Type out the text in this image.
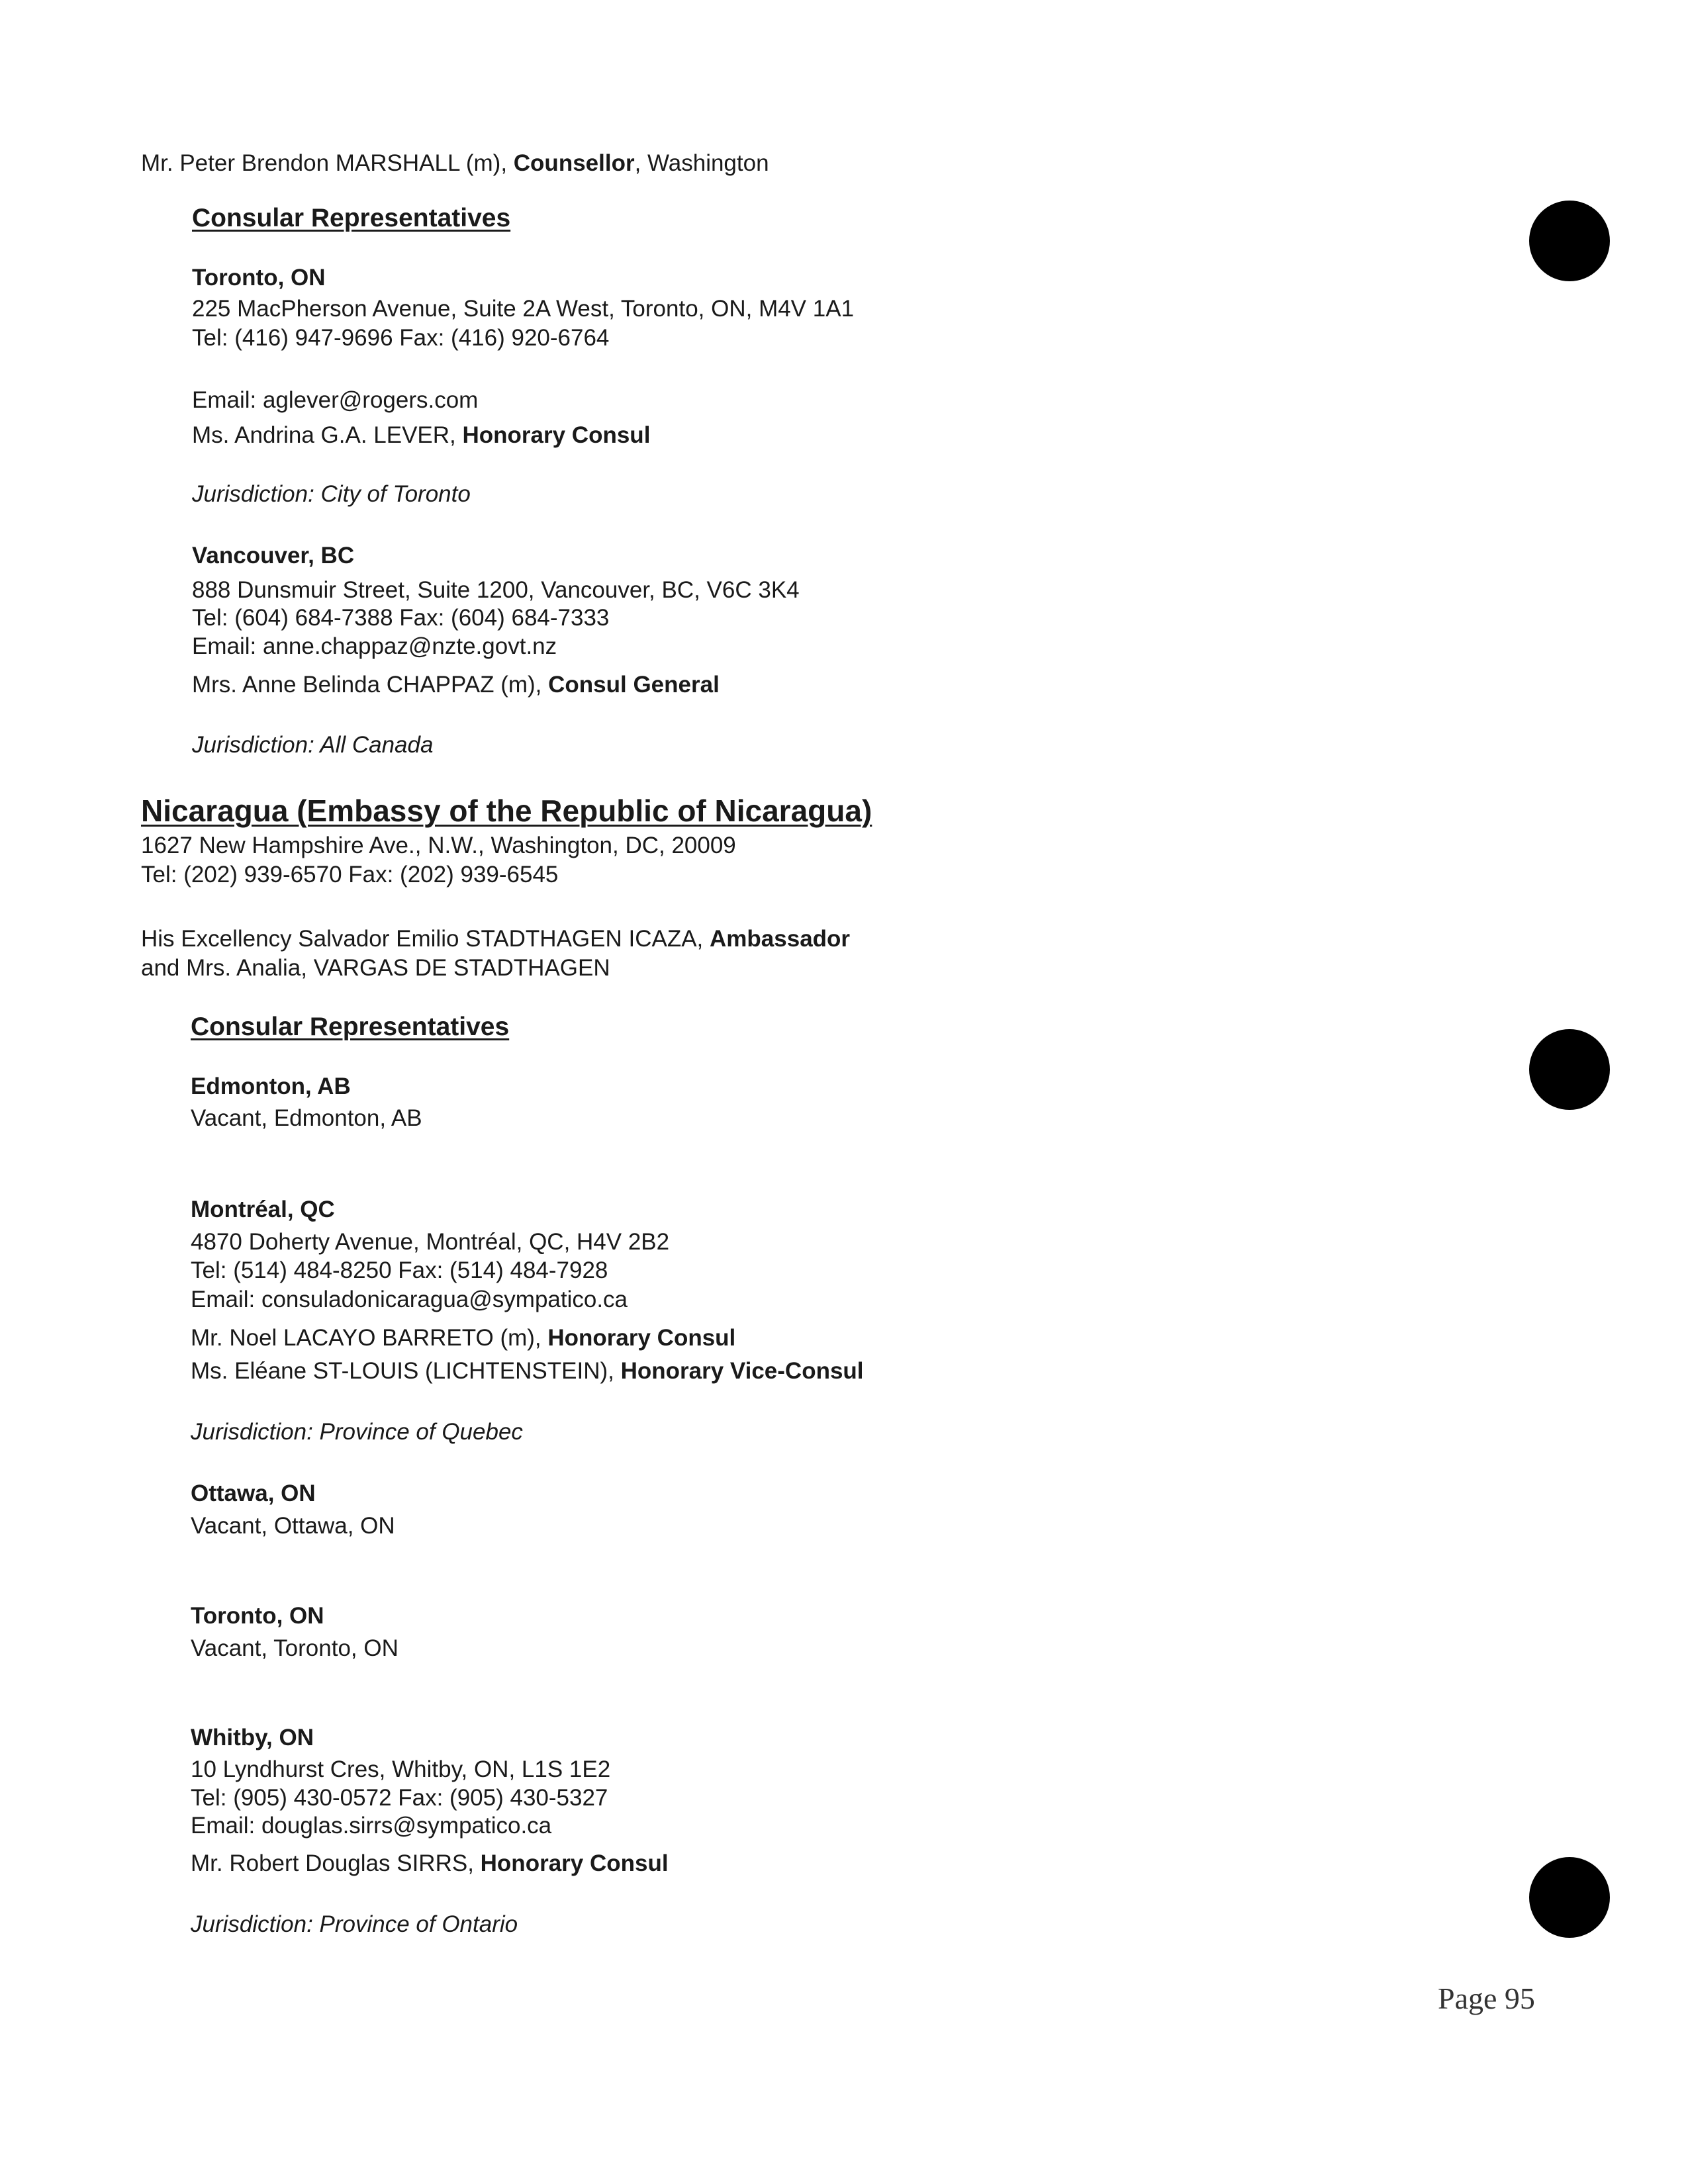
Mr. Peter Brendon MARSHALL (m), Counsellor, Washington

Consular Representatives

Toronto, ON

225 MacPherson Avenue, Suite 2A West, Toronto, ON, M4V 1A1

Tel: (416) 947-9696 Fax: (416) 920-6764

Email: aglever@rogers.com

Ms. Andrina G.A. LEVER, Honorary Consul

Jurisdiction: City of Toronto

Vancouver, BC

888 Dunsmuir Street, Suite 1200, Vancouver, BC, V6C 3K4

Tel: (604) 684-7388 Fax: (604) 684-7333

Email: anne.chappaz@nzte.govt.nz

Mrs. Anne Belinda CHAPPAZ (m), Consul General

Jurisdiction: All Canada

Nicaragua (Embassy of the Republic of Nicaragua)

1627 New Hampshire Ave., N.W., Washington, DC, 20009

Tel: (202) 939-6570 Fax: (202) 939-6545

His Excellency Salvador Emilio STADTHAGEN ICAZA, Ambassador

and Mrs. Analia, VARGAS DE STADTHAGEN

Consular Representatives

Edmonton, AB

Vacant, Edmonton, AB

Montréal, QC

4870 Doherty Avenue, Montréal, QC, H4V 2B2

Tel: (514) 484-8250 Fax: (514) 484-7928

Email: consuladonicaragua@sympatico.ca

Mr. Noel LACAYO BARRETO (m), Honorary Consul

Ms. Eléane ST-LOUIS (LICHTENSTEIN), Honorary Vice-Consul

Jurisdiction: Province of Quebec

Ottawa, ON

Vacant, Ottawa, ON

Toronto, ON

Vacant, Toronto, ON

Whitby, ON

10 Lyndhurst Cres, Whitby, ON, L1S 1E2

Tel: (905) 430-0572 Fax: (905) 430-5327

Email: douglas.sirrs@sympatico.ca

Mr. Robert Douglas SIRRS, Honorary Consul

Jurisdiction: Province of Ontario

Page 95
